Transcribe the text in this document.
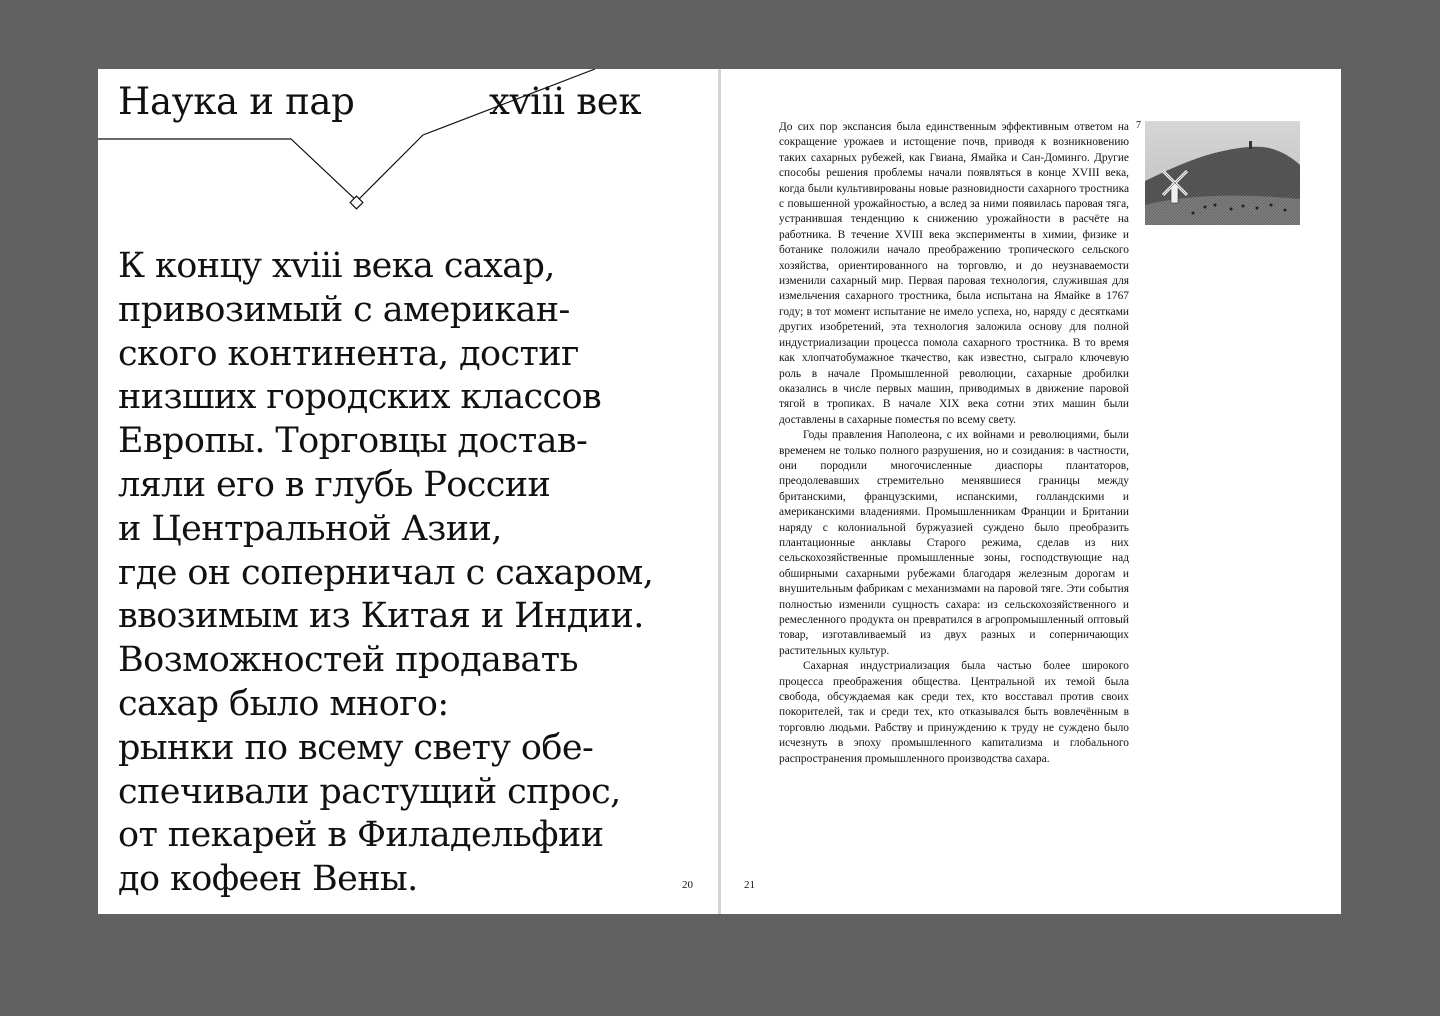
Наука и пар	xviii век

К концу xviii века сахар,
привозимый с американ-
ского континента, достиг
низших городских классов
Европы. Торговцы достав-
ляли его в глубь России
и Центральной Азии,
где он соперничал с сахаром,
ввозимым из Китая и Индии.
Возможностей продавать
сахар было много:
рынки по всему свету обе-
спечивали растущий спрос,
от пекарей в Филадельфии
до кофеен Вены.	20

До сих пор экспансия была единственным эффективным ответом на сокращение урожаев и истощение почв, приводя к возникновению таких сахарных рубежей, как Гвиана, Ямайка и Сан-Доминго. Другие способы решения проблемы начали появляться в конце XVIII века, когда были культивированы новые разновидности сахарного тростника с повышенной урожайностью, а вслед за ними появилась паровая тяга, устранившая тенденцию к снижению урожайности в расчёте на работника. В течение XVIII века эксперименты в химии, физике и ботанике положили начало преображению тропического сельского хозяйства, ориентированного на торговлю, и до неузнаваемости изменили сахарный мир. Первая паровая технология, служившая для измельчения сахарного тростника, была испытана на Ямайке в 1767 году; в тот момент испытание не имело успеха, но, наряду с десятками других изобретений, эта технология заложила основу для полной индустриализации процесса помола сахарного тростника. В то время как хлопчатобумажное ткачество, как известно, сыграло ключевую роль в начале Промышленной революции, сахарные дробилки оказались в числе первых машин, приводимых в движение паровой тягой в тропиках. В начале XIX века сотни этих машин были доставлены в сахарные поместья по всему свету.

Годы правления Наполеона, с их войнами и революциями, были временем не только полного разрушения, но и созидания: в частности, они породили многочисленные диаспоры плантаторов, преодолевавших стремительно менявшиеся границы между британскими, французскими, испанскими, голландскими и американскими владениями. Промышленникам Франции и Британии наряду с колониальной буржуазией суждено было преобразить плантационные анклавы Старого режима, сделав из них сельскохозяйственные промышленные зоны, господствующие над обширными сахарными рубежами благодаря железным дорогам и внушительным фабрикам с механизмами на паровой тяге. Эти события полностью изменили сущность сахара: из сельскохозяйственного и ремесленного продукта он превратился в агропромышленный оптовый товар, изготавливаемый из двух разных и соперничающих растительных культур.

Сахарная индустриализация была частью более широкого процесса преображения общества. Центральной их темой была свобода, обсуждаемая как среди тех, кто восставал против своих покорителей, так и среди тех, кто отказывался быть вовлечённым в торговлю людьми. Рабству и принуждению к труду не суждено было исчезнуть в эпоху промышленного капитализма и глобального распространения промышленного производства сахара.

7
21
